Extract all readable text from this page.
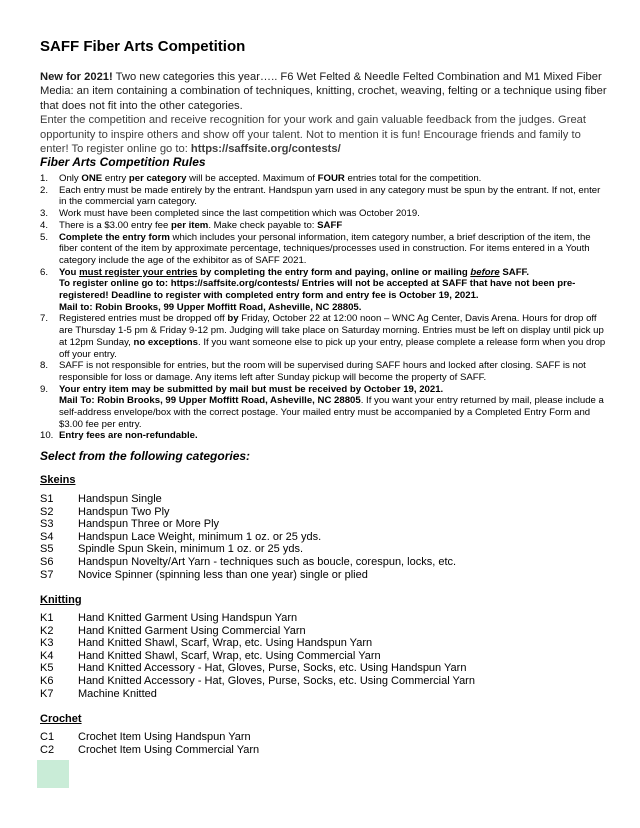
SAFF Fiber Arts Competition
New for 2021! Two new categories this year….. F6 Wet Felted & Needle Felted Combination and M1 Mixed Fiber Media: an item containing a combination of techniques, knitting, crochet, weaving, felting or a technique using fiber that does not fit into the other categories.
Enter the competition and receive recognition for your work and gain valuable feedback from the judges. Great opportunity to inspire others and show off your talent. Not to mention it is fun! Encourage friends and family to enter! To register online go to: https://saffsite.org/contests/
Fiber Arts Competition Rules

1. Only ONE entry per category will be accepted. Maximum of FOUR entries total for the competition.

2. Each entry must be made entirely by the entrant. Handspun yarn used in any category must be spun by the entrant. If not, enter in the commercial yarn category.

3. Work must have been completed since the last competition which was October 2019.

4. There is a $3.00 entry fee per item. Make check payable to: SAFF

5. Complete the entry form which includes your personal information, item category number, a brief description of the item, the fiber content of the item by approximate percentage, techniques/processes used in construction. For items entered in a Youth category include the age of the exhibitor as of SAFF 2021.

6. You must register your entries by completing the entry form and paying, online or mailing before SAFF.
To register online go to: https://saffsite.org/contests/ Entries will not be accepted at SAFF that have not been pre-registered! Deadline to register with completed entry form and entry fee is October 19, 2021.
Mail to: Robin Brooks, 99 Upper Moffitt Road, Asheville, NC 28805.

7. Registered entries must be dropped off by Friday, October 22 at 12:00 noon – WNC Ag Center, Davis Arena. Hours for drop off are Thursday 1-5 pm & Friday 9-12 pm. Judging will take place on Saturday morning. Entries must be left on display until pick up at 12pm Sunday, no exceptions. If you want someone else to pick up your entry, please complete a release form when you drop off your entry.

8. SAFF is not responsible for entries, but the room will be supervised during SAFF hours and locked after closing. SAFF is not responsible for loss or damage. Any items left after Sunday pickup will become the property of SAFF.

9. Your entry item may be submitted by mail but must be received by October 19, 2021.
Mail To: Robin Brooks, 99 Upper Moffitt Road, Asheville, NC 28805. If you want your entry returned by mail, please include a self-address envelope/box with the correct postage. Your mailed entry must be accompanied by a Completed Entry Form and $3.00 fee per entry.

10. Entry fees are non-refundable.

Select from the following categories:
Skeins
S1 Handspun Single
S2 Handspun Two Ply
S3 Handspun Three or More Ply
S4 Handspun Lace Weight, minimum 1 oz. or 25 yds.
S5 Spindle Spun Skein, minimum 1 oz. or 25 yds.
S6 Handspun Novelty/Art Yarn - techniques such as boucle, corespun, locks, etc.
S7 Novice Spinner (spinning less than one year) single or plied
Knitting
K1 Hand Knitted Garment Using Handspun Yarn
K2 Hand Knitted Garment Using Commercial Yarn
K3 Hand Knitted Shawl, Scarf, Wrap, etc. Using Handspun Yarn
K4 Hand Knitted Shawl, Scarf, Wrap, etc. Using Commercial Yarn
K5 Hand Knitted Accessory - Hat, Gloves, Purse, Socks, etc. Using Handspun Yarn
K6 Hand Knitted Accessory - Hat, Gloves, Purse, Socks, etc. Using Commercial Yarn
K7 Machine Knitted
Crochet
C1 Crochet Item Using Handspun Yarn
C2 Crochet Item Using Commercial Yarn
